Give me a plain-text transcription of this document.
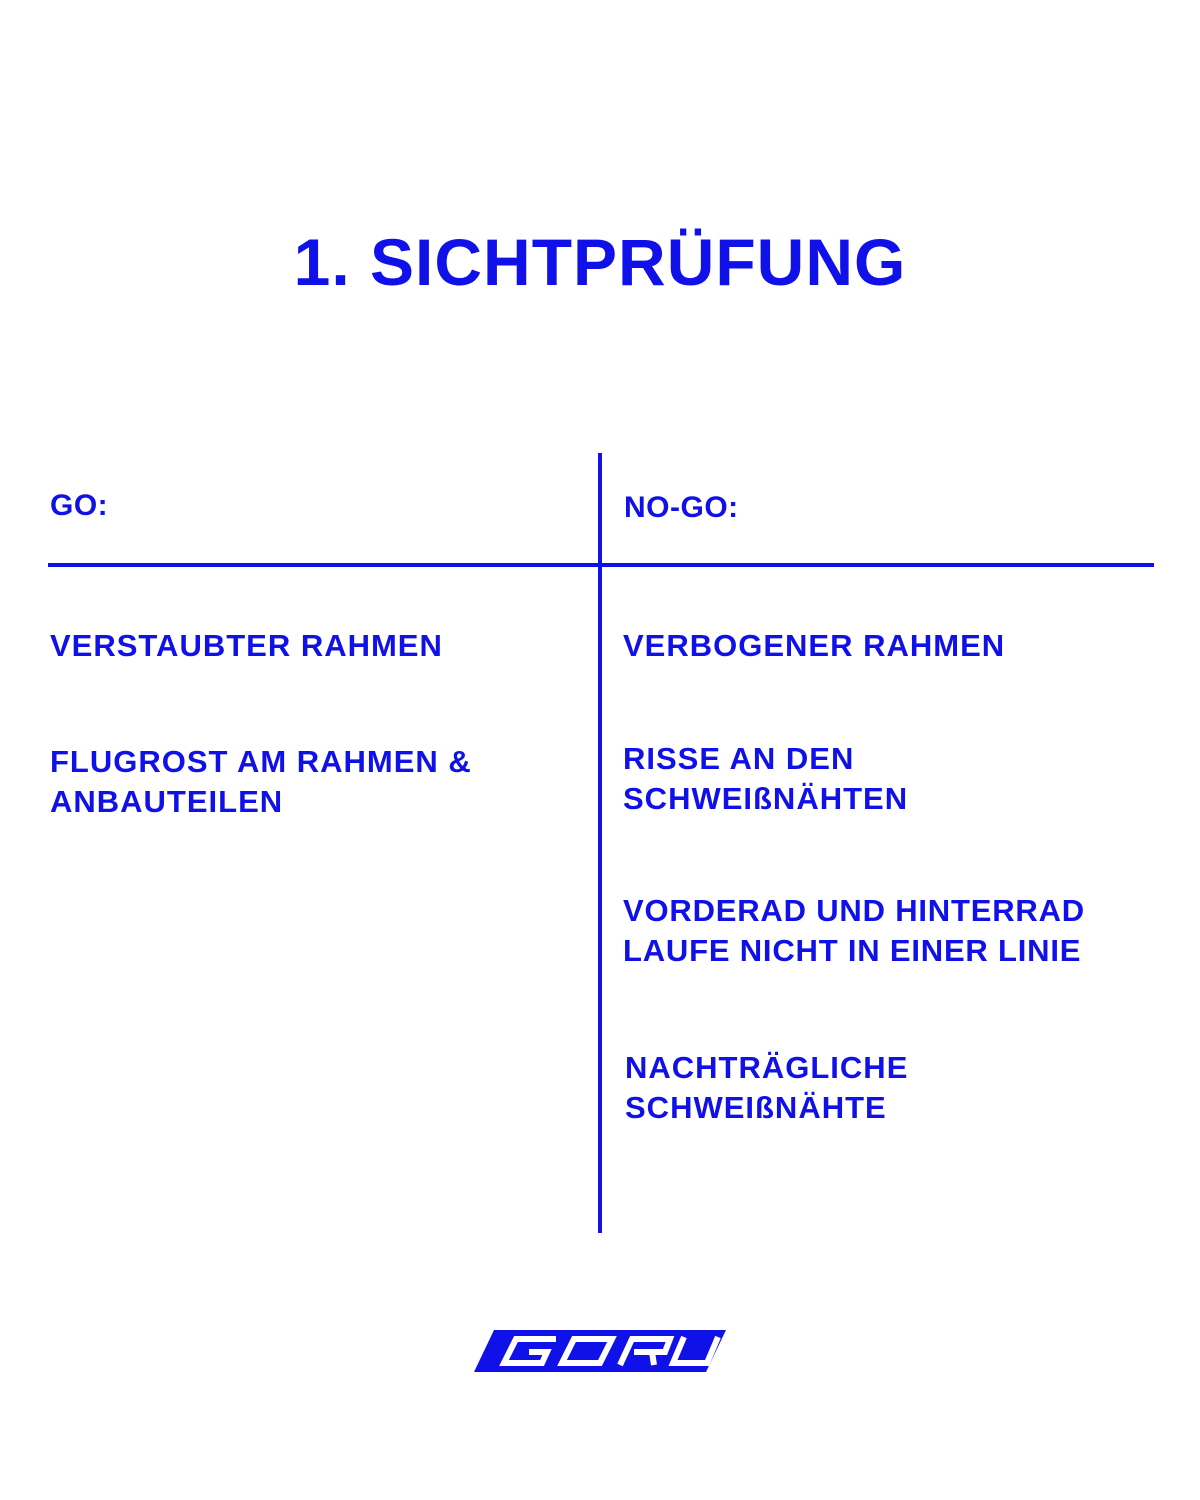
1. SICHTPRÜFUNG
GO:	NO-GO:
VERSTAUBTER RAHMEN
FLUGROST AM RAHMEN &
ANBAUTEILEN
VERBOGENER RAHMEN
RISSE AN DEN
SCHWEIßNÄHTEN
VORDERAD UND HINTERRAD
LAUFE NICHT IN EINER LINIE
NACHTRÄGLICHE
SCHWEIßNÄHTE
